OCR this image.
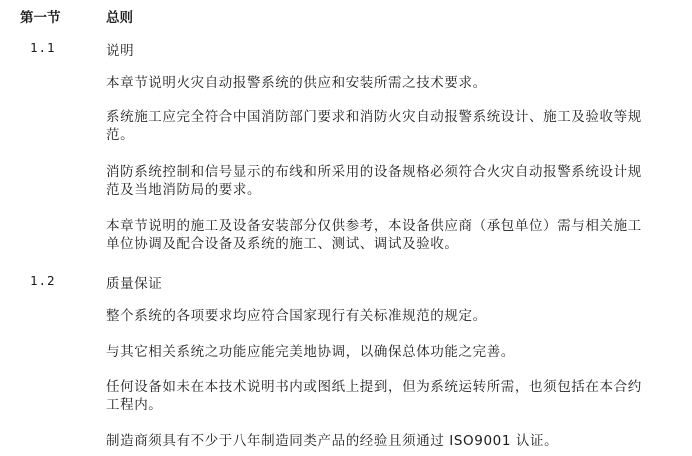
第一节	总则
1.1	说明
本章节说明火灾自动报警系统的供应和安装所需之技术要求。
系统施工应完全符合中国消防部门要求和消防火灾自动报警系统设计、施工及验收等规范。
消防系统控制和信号显示的布线和所采用的设备规格必须符合火灾自动报警系统设计规范及当地消防局的要求。
本章节说明的施工及设备安装部分仅供参考，本设备供应商（承包单位）需与相关施工单位协调及配合设备及系统的施工、测试、调试及验收。
1.2	质量保证
整个系统的各项要求均应符合国家现行有关标准规范的规定。
与其它相关系统之功能应能完美地协调，以确保总体功能之完善。
任何设备如未在本技术说明书内或图纸上提到，但为系统运转所需，也须包括在本合约工程内。
制造商须具有不少于八年制造同类产品的经验且须通过 ISO9001 认证。
